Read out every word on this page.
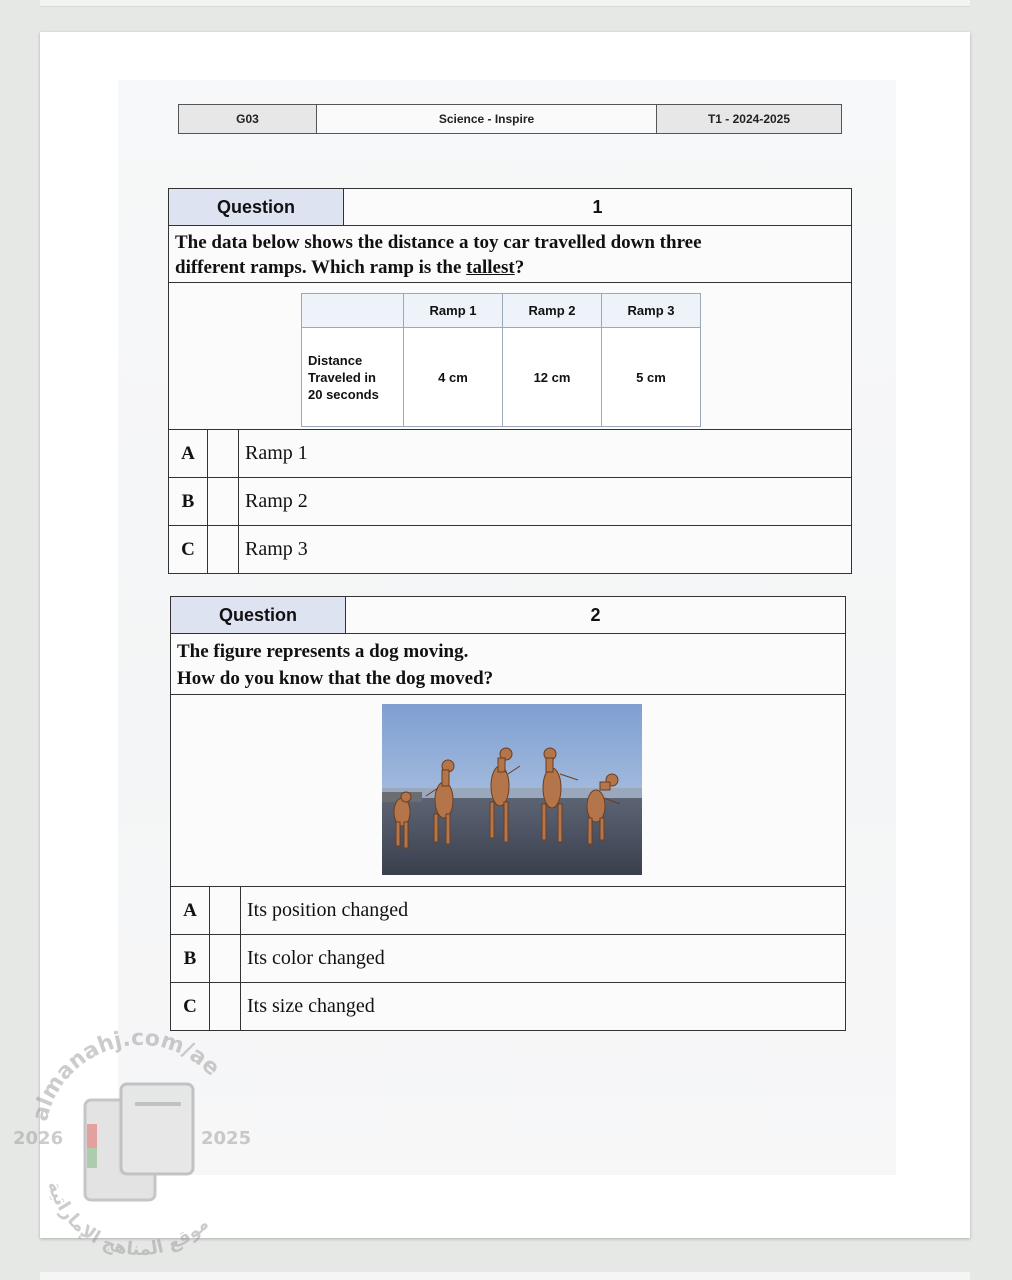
G03	Science - Inspire	T1 - 2024-2025
Question	1
The data below shows the distance a toy car travelled down three different ramps. Which ramp is the tallest?
	Ramp 1	Ramp 2	Ramp 3

Distance Traveled in 20 seconds	4 cm	12 cm	5 cm
A	Ramp 1
B	Ramp 2
C	Ramp 3
Question	2
The figure represents a dog moving.
How do you know that the dog moved?
A	Its position changed
B	Its color changed
C	Its size changed
almanahj.com/ae
موقع المناهج الإماراتية
2026	2025
